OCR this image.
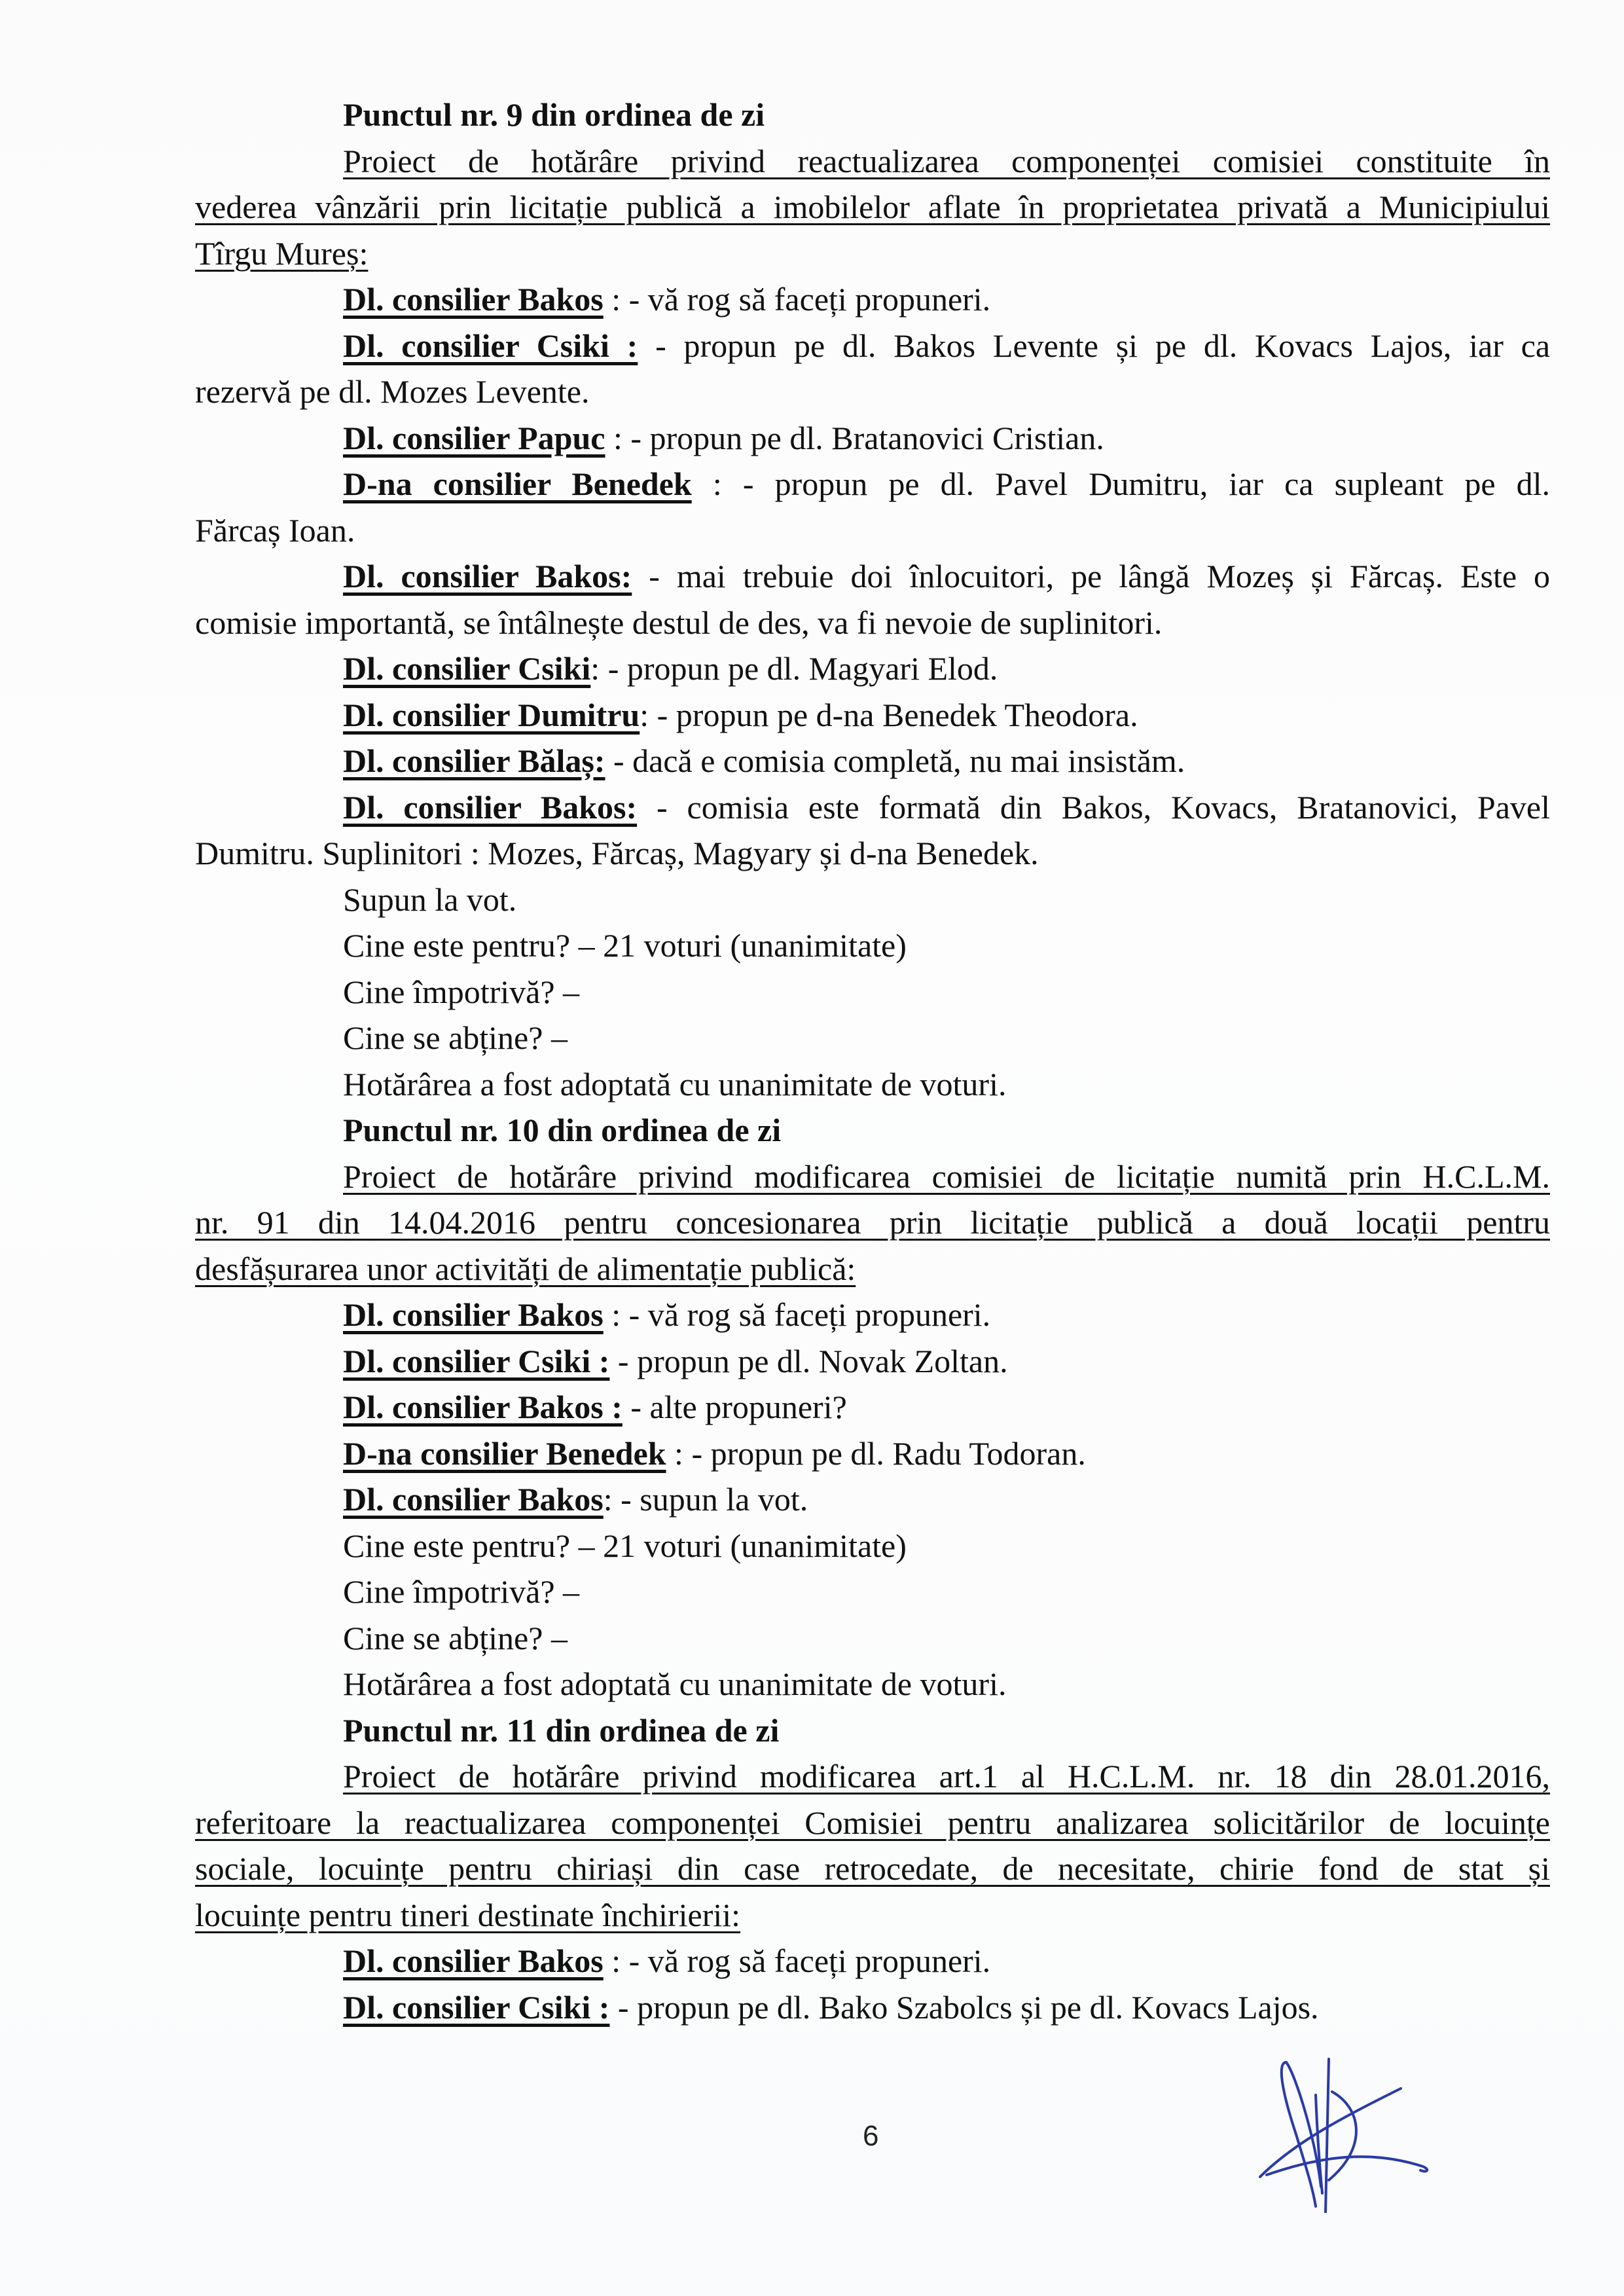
Punctul nr. 9 din ordinea de zi
Proiect de hotărâre privind reactualizarea componenței comisiei constituite în
vederea vânzării prin licitație publică a imobilelor aflate în proprietatea privată a Municipiului
Tîrgu Mureș:
Dl. consilier Bakos : - vă rog să faceți propuneri.
Dl. consilier Csiki : - propun pe dl. Bakos Levente și pe dl. Kovacs Lajos, iar ca
rezervă pe dl. Mozes Levente.
Dl. consilier Papuc : - propun pe dl. Bratanovici Cristian.
D-na consilier Benedek : - propun pe dl. Pavel Dumitru, iar ca supleant pe dl.
Fărcaș Ioan.
Dl. consilier Bakos: - mai trebuie doi înlocuitori, pe lângă Mozeș și Fărcaș. Este o
comisie importantă, se întâlnește destul de des, va fi nevoie de suplinitori.
Dl. consilier Csiki: - propun pe dl. Magyari Elod.
Dl. consilier Dumitru: - propun pe d-na Benedek Theodora.
Dl. consilier Bălaș: - dacă e comisia completă, nu mai insistăm.
Dl. consilier Bakos: - comisia este formată din Bakos, Kovacs, Bratanovici, Pavel
Dumitru. Suplinitori : Mozes, Fărcaș, Magyary și d-na Benedek.
Supun la vot.
Cine este pentru? – 21 voturi (unanimitate)
Cine împotrivă? –
Cine se abține? –
Hotărârea a fost adoptată cu unanimitate de voturi.
Punctul nr. 10 din ordinea de zi
Proiect de hotărâre privind modificarea comisiei de licitație numită prin H.C.L.M.
nr. 91 din 14.04.2016 pentru concesionarea prin licitație publică a două locații pentru
desfășurarea unor activități de alimentație publică:
Dl. consilier Bakos : - vă rog să faceți propuneri.
Dl. consilier Csiki : - propun pe dl. Novak Zoltan.
Dl. consilier Bakos : - alte propuneri?
D-na consilier Benedek : - propun pe dl. Radu Todoran.
Dl. consilier Bakos: - supun la vot.
Cine este pentru? – 21 voturi (unanimitate)
Cine împotrivă? –
Cine se abține? –
Hotărârea a fost adoptată cu unanimitate de voturi.
Punctul nr. 11 din ordinea de zi
Proiect de hotărâre privind modificarea art.1 al H.C.L.M. nr. 18 din 28.01.2016,
referitoare la reactualizarea componenței Comisiei pentru analizarea solicitărilor de locuințe
sociale, locuințe pentru chiriași din case retrocedate, de necesitate, chirie fond de stat și
locuințe pentru tineri destinate închirierii:
Dl. consilier Bakos : - vă rog să faceți propuneri.
Dl. consilier Csiki : - propun pe dl. Bako Szabolcs și pe dl. Kovacs Lajos.
6
